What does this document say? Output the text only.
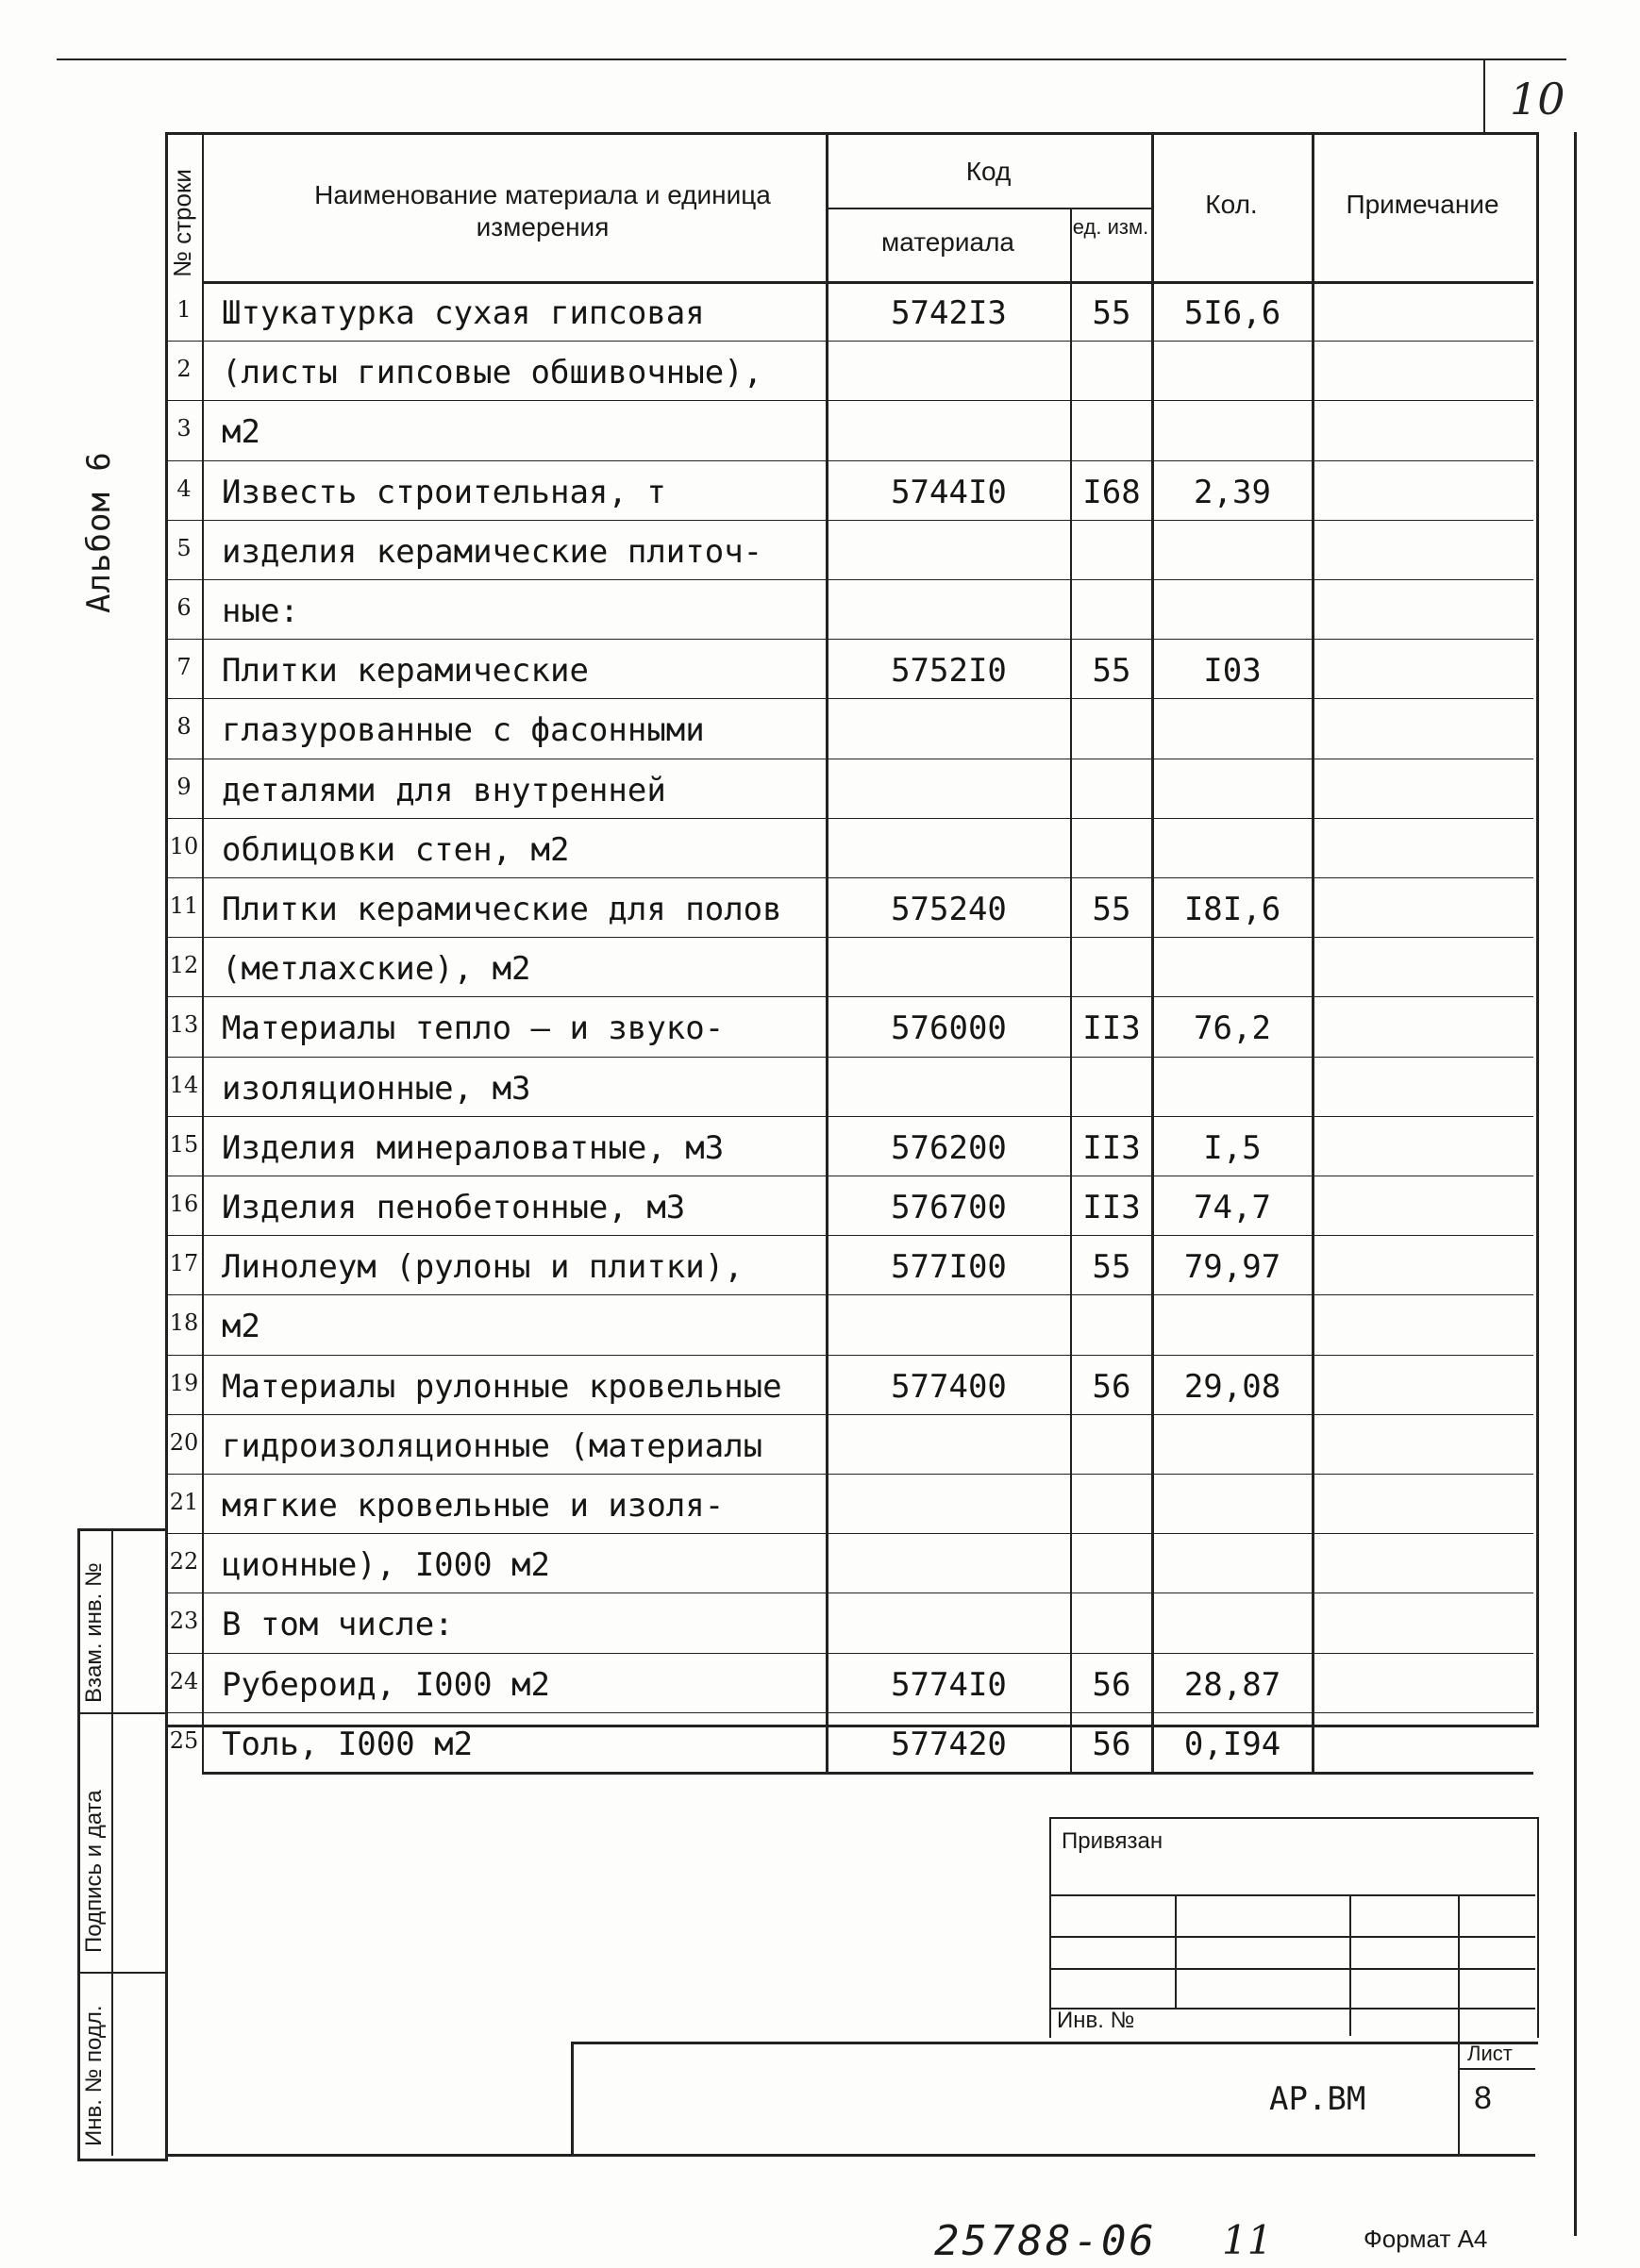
10
Альбом 6
№ строки	Наименование материала и единица измерения
Код
материала
ед. изм.
Кол.	Примечание
1 Штукатурка сухая гипсовая	5742I3	55	5I6,6
2 (листы гипсовые обшивочные),
3 м2
4 Известь строительная, т	5744I0	I68	2,39
5 изделия керамические плиточ-
6 ные:
7 Плитки керамические	5752I0	55	I03
8 глазурованные с фасонными
9 деталями для внутренней
10 облицовки стен, м2
11 Плитки керамические для полов	575240	55	I8I,6
12 (метлахские), м2
13 Материалы тепло – и звуко-	576000	II3	76,2
14 изоляционные, м3
15 Изделия минераловатные, м3	576200	II3	I,5
16 Изделия пенобетонные, м3	576700	II3	74,7
17 Линолеум (рулоны и плитки),	577I00	55	79,97
18 м2
19 Материалы рулонные кровельные	577400	56	29,08
20 гидроизоляционные (материалы
21 мягкие кровельные и изоля-
22 ционные), I000 м2
23 В том числе:
24 Рубероид, I000 м2	5774I0	56	28,87
25 Толь, I000 м2	577420	56	0,I94
Взам. инв. №
Подпись и дата
Инв. № подл.
Привязан
Инв. №
Лист
АР.ВМ	8
25788-06 11	Формат А4
